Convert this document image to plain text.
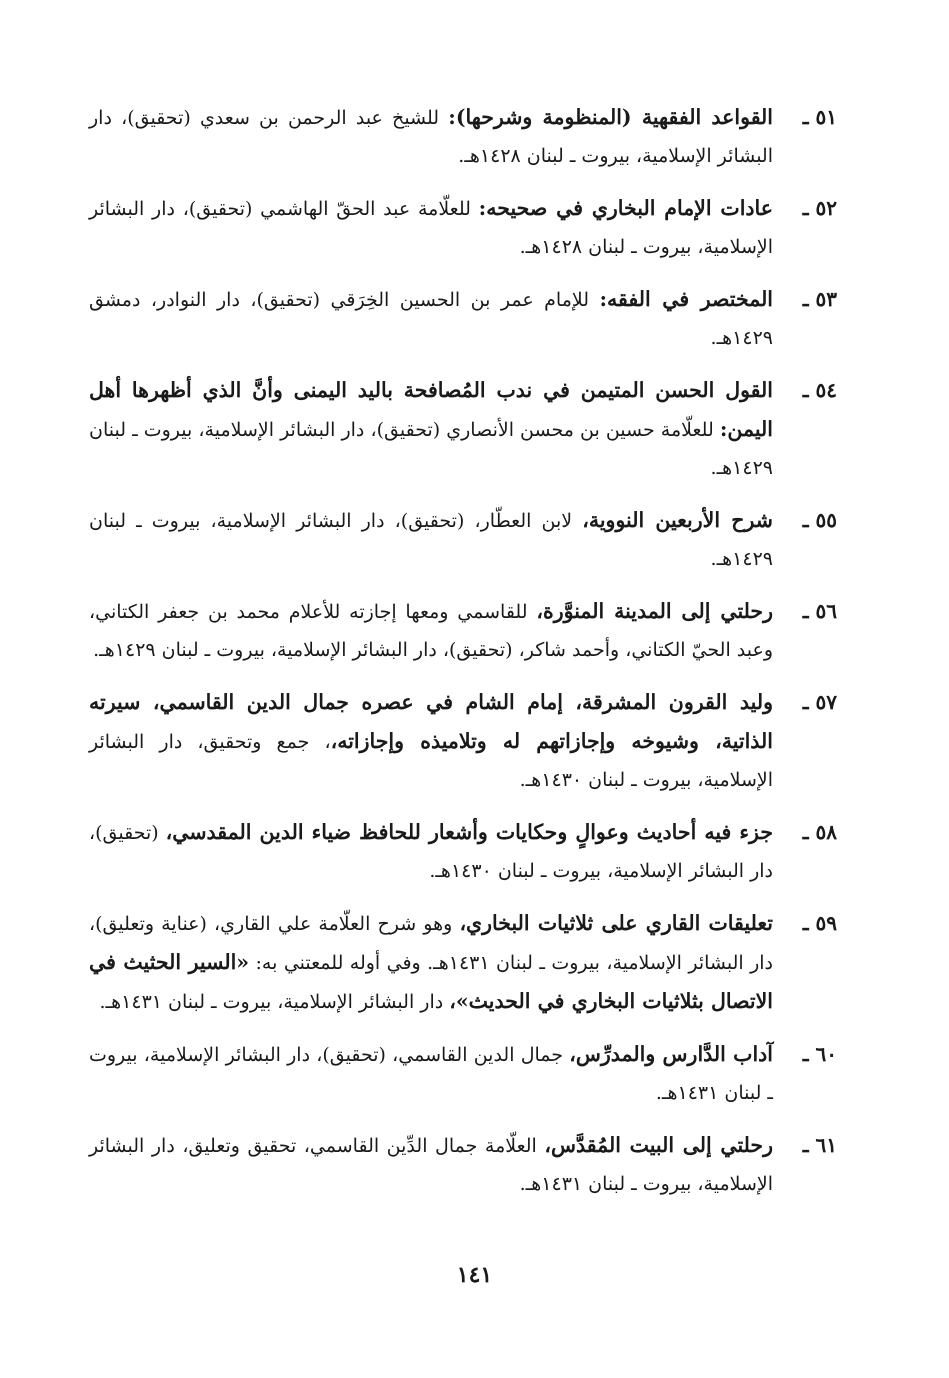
٥١ ـ
القواعد الفقهية (المنظومة وشرحها): للشيخ عبد الرحمن بن سعدي (تحقيق)، دار البشائر الإسلامية، بيروت ـ لبنان ١٤٢٨هـ.
٥٢ ـ
عادات الإمام البخاري في صحيحه: للعلّامة عبد الحقّ الهاشمي (تحقيق)، دار البشائر الإسلامية، بيروت ـ لبنان ١٤٢٨هـ.
٥٣ ـ
المختصر في الفقه: للإمام عمر بن الحسين الخِرَقي (تحقيق)، دار النوادر، دمشق ١٤٢٩هـ.
٥٤ ـ
القول الحسن المتيمن في ندب المُصافحة باليد اليمنى وأنَّ الذي أظهرها أهل اليمن: للعلّامة حسين بن محسن الأنصاري (تحقيق)، دار البشائر الإسلامية، بيروت ـ لبنان ١٤٢٩هـ.
٥٥ ـ
شرح الأربعين النووية، لابن العطّار، (تحقيق)، دار البشائر الإسلامية، بيروت ـ لبنان ١٤٢٩هـ.
٥٦ ـ
رحلتي إلى المدينة المنوَّرة، للقاسمي ومعها إجازته للأعلام محمد بن جعفر الكتاني، وعبد الحيّ الكتاني، وأحمد شاكر، (تحقيق)، دار البشائر الإسلامية، بيروت ـ لبنان ١٤٢٩هـ.
٥٧ ـ
وليد القرون المشرقة، إمام الشام في عصره جمال الدين القاسمي، سيرته الذاتية، وشيوخه وإجازاتهم له وتلاميذه وإجازاته،، جمع وتحقيق، دار البشائر الإسلامية، بيروت ـ لبنان ١٤٣٠هـ.
٥٨ ـ
جزء فيه أحاديث وعوالٍ وحكايات وأشعار للحافظ ضياء الدين المقدسي، (تحقيق)، دار البشائر الإسلامية، بيروت ـ لبنان ١٤٣٠هـ.
٥٩ ـ
تعليقات القاري على ثلاثيات البخاري، وهو شرح العلّامة علي القاري، (عناية وتعليق)، دار البشائر الإسلامية، بيروت ـ لبنان ١٤٣١هـ. وفي أوله للمعتني به: «السير الحثيث في الاتصال بثلاثيات البخاري في الحديث»، دار البشائر الإسلامية، بيروت ـ لبنان ١٤٣١هـ.
٦٠ ـ
آداب الدَّارس والمدرِّس، جمال الدين القاسمي، (تحقيق)، دار البشائر الإسلامية، بيروت ـ لبنان ١٤٣١هـ.
٦١ ـ
رحلتي إلى البيت المُقدَّس، العلّامة جمال الدِّين القاسمي، تحقيق وتعليق، دار البشائر الإسلامية، بيروت ـ لبنان ١٤٣١هـ.
١٤١
